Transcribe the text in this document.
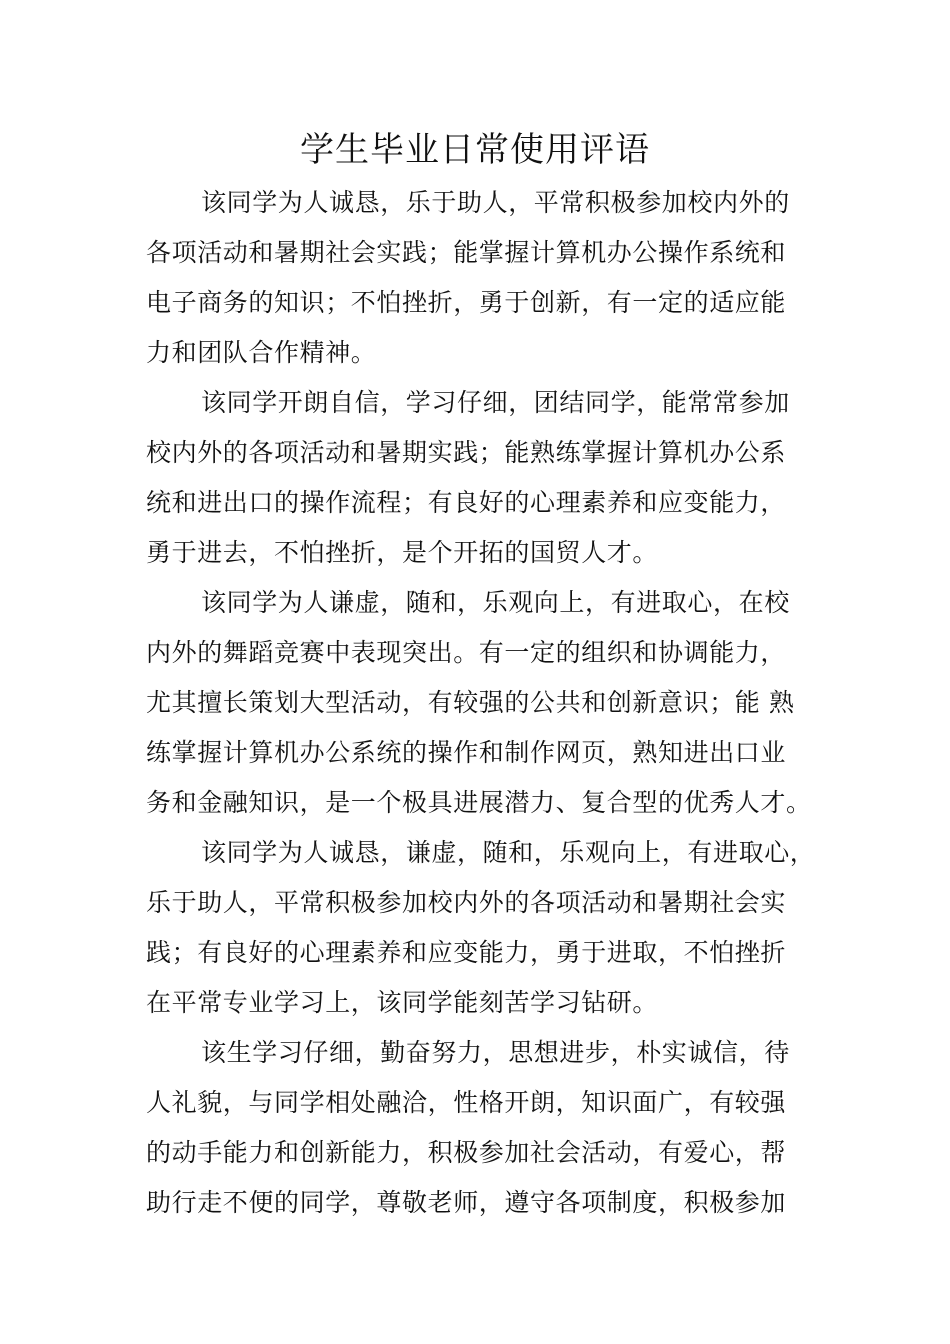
学生毕业日常使用评语
该同学为人诚恳，乐于助人，平常积极参加校内外的
各项活动和暑期社会实践；能掌握计算机办公操作系统和
电子商务的知识；不怕挫折，勇于创新，有一定的适应能
力和团队合作精神。
该同学开朗自信，学习仔细，团结同学，能常常参加
校内外的各项活动和暑期实践；能熟练掌握计算机办公系
统和进出口的操作流程；有良好的心理素养和应变能力，
勇于进去，不怕挫折，是个开拓的国贸人才。
该同学为人谦虚，随和，乐观向上，有进取心，在校
内外的舞蹈竞赛中表现突出。有一定的组织和协调能力，
尤其擅长策划大型活动，有较强的公共和创新意识；能 熟
练掌握计算机办公系统的操作和制作网页，熟知进出口业
务和金融知识，是一个极具进展潜力、复合型的优秀人才。
该同学为人诚恳，谦虚，随和，乐观向上，有进取心，
乐于助人，平常积极参加校内外的各项活动和暑期社会实
践；有良好的心理素养和应变能力，勇于进取，不怕挫折
在平常专业学习上，该同学能刻苦学习钻研。
该生学习仔细，勤奋努力，思想进步，朴实诚信，待
人礼貌，与同学相处融洽，性格开朗，知识面广，有较强
的动手能力和创新能力，积极参加社会活动，有爱心，帮
助行走不便的同学，尊敬老师，遵守各项制度，积极参加
